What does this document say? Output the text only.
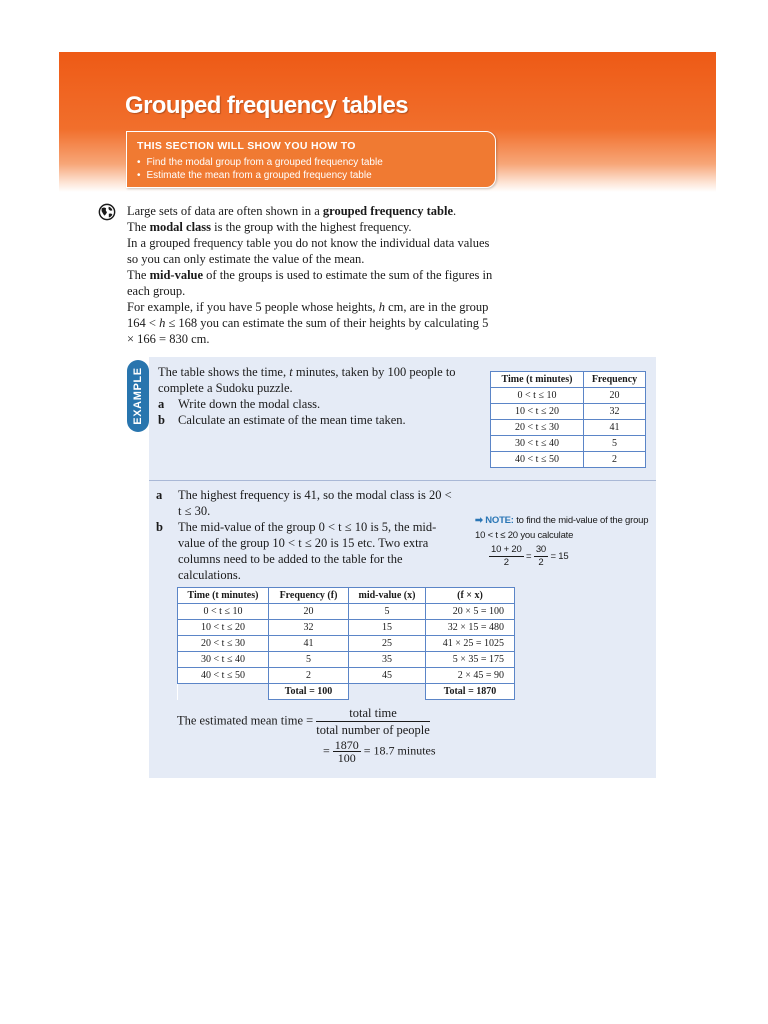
Grouped frequency tables
THIS SECTION WILL SHOW YOU HOW TO
• Find the modal group from a grouped frequency table
• Estimate the mean from a grouped frequency table

Large sets of data are often shown in a grouped frequency table.

The modal class is the group with the highest frequency.

In a grouped frequency table you do not know the individual data values so you can only estimate the value of the mean.

The mid-value of the groups is used to estimate the sum of the figures in each group.

For example, if you have 5 people whose heights, h cm, are in the group 164 < h ≤ 168 you can estimate the sum of their heights by calculating 5 × 166 = 830 cm.

EXAMPLE The table shows the time, t minutes, taken by 100 people to complete a Sudoku puzzle.
a	Write down the modal class.
b	Calculate an estimate of the mean time taken.
Time (t minutes)	Frequency
0 < t ≤ 10	20
10 < t ≤ 20	32
20 < t ≤ 30	41
30 < t ≤ 40	5
40 < t ≤ 50	2
a	The highest frequency is 41, so the modal class is 20 < t ≤ 30.
b	The mid-value of the group 0 < t ≤ 10 is 5, the mid-value of the group 10 < t ≤ 20 is 15 etc. Two extra columns need to be added to the table for the calculations.
➡ NOTE: to find the mid-value of the group 10 < t ≤ 20 you calculate
$\frac{10 + 20}{2} = \frac{30}{2} = 15$
Time (t minutes)	Frequency (f)	mid-value (x)	(f × x)
0 < t ≤ 10	20	5	20 × 5 = 100
10 < t ≤ 20	32	15	32 × 15 = 480
20 < t ≤ 30	41	25	41 × 25 = 1025
30 < t ≤ 40	5	35	5 × 35 = 175
40 < t ≤ 50	2	45	2 × 45 = 90
	Total = 100		Total = 1870
The estimated mean time = $\frac{\text{total time}}{\text{total number of people}}$
= $\frac{1870}{100} = 18.7$ minutes
